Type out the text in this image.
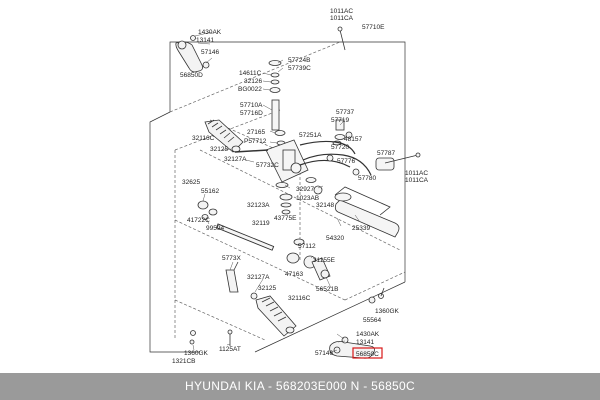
1011AC
1011CA
57710E
1430AK
13141
57146
56850D
57724B
57739C
14611C
32126
BG0022
57710A
57716D	57737
57719
48157
57720
27165
P57712
57251A
32116C
32125
32127A
57732C
57776
57787
1011AC
1011CA
57780
32625
55162	32927
1023AB
32148
32123A
43775E
41722C	32119
99594
54320
25339
57112
5773X	31155E
47163
32127A
56521B
32125
32116C
55564
1360GK
1430AK
13141
57146	56850C
1125AT
1360GK
1321CB
HYUNDAI KIA - 568203E000 N - 56850C
